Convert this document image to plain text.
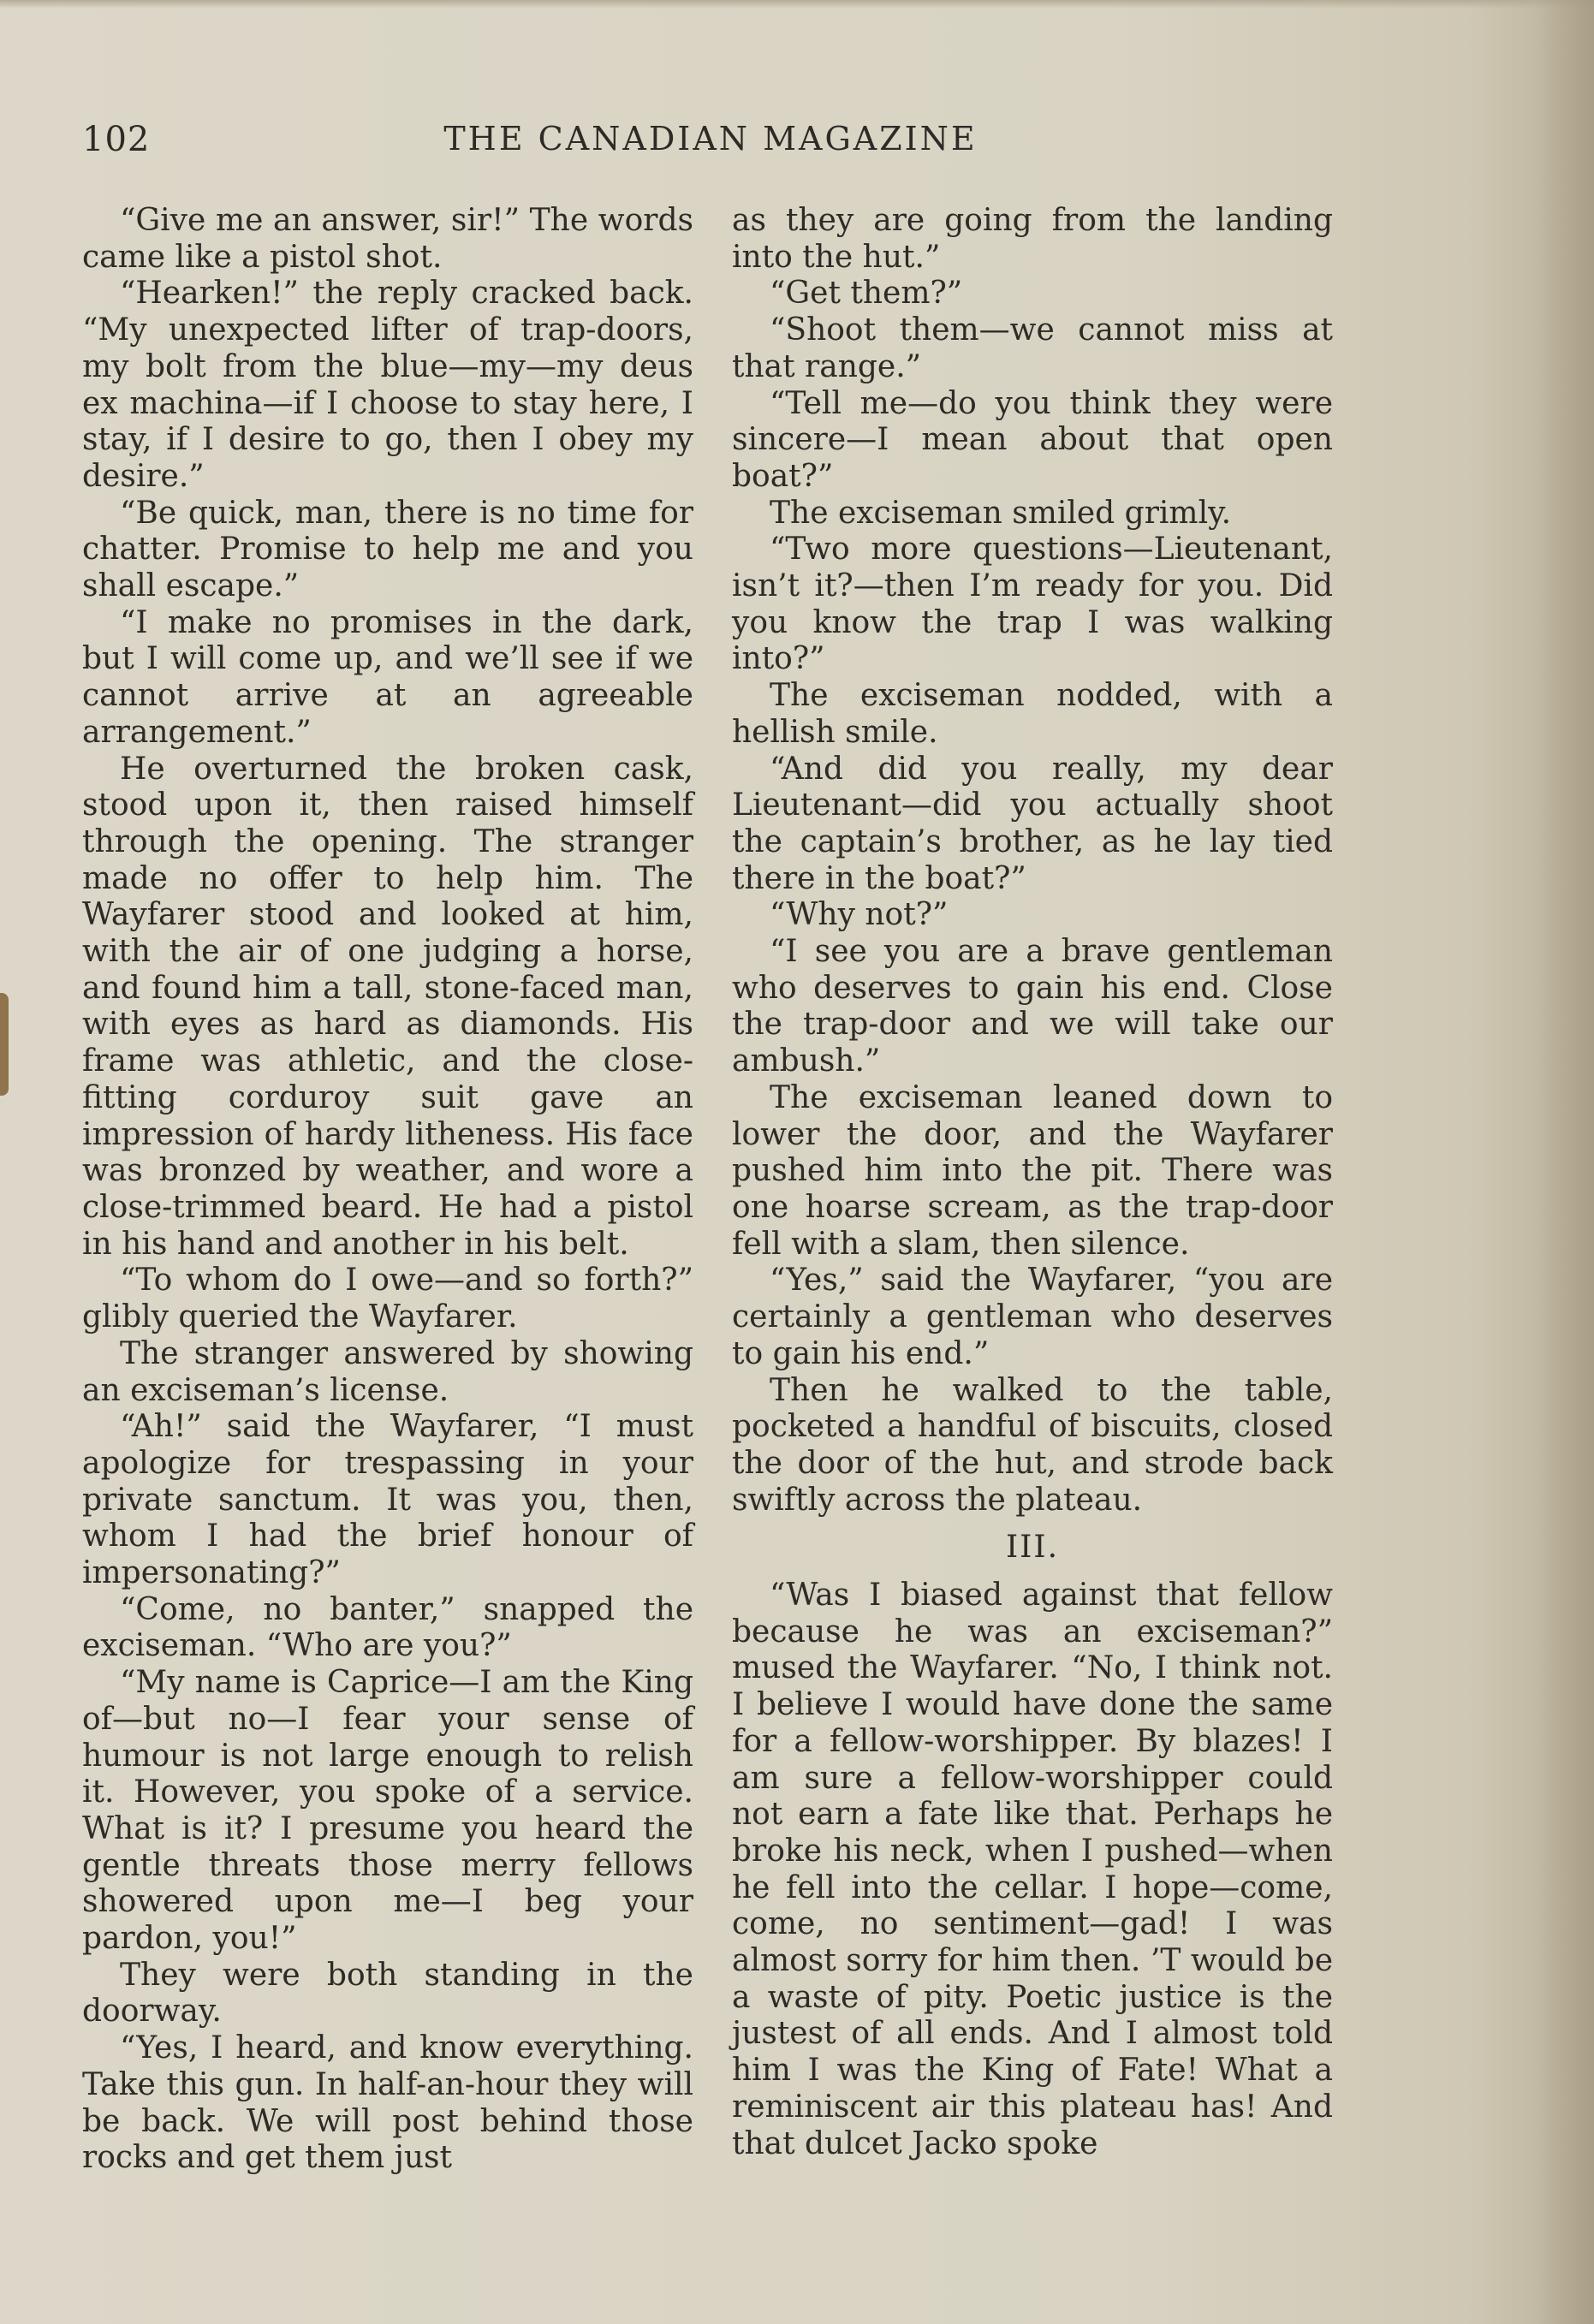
102	THE CANADIAN MAGAZINE

“Give me an answer, sir!” The words came like a pistol shot.

“Hearken!” the reply cracked back. “My unexpected lifter of trap-doors, my bolt from the blue—my—my deus ex machina—if I choose to stay here, I stay, if I desire to go, then I obey my desire.”

“Be quick, man, there is no time for chatter. Promise to help me and you shall escape.”

“I make no promises in the dark, but I will come up, and we’ll see if we cannot arrive at an agreeable arrangement.”

He overturned the broken cask, stood upon it, then raised himself through the opening. The stranger made no offer to help him. The Wayfarer stood and looked at him, with the air of one judging a horse, and found him a tall, stone-faced man, with eyes as hard as diamonds. His frame was athletic, and the close-fitting corduroy suit gave an impression of hardy litheness. His face was bronzed by weather, and wore a close-trimmed beard. He had a pistol in his hand and another in his belt.

“To whom do I owe—and so forth?” glibly queried the Wayfarer.

The stranger answered by showing an exciseman’s license.

“Ah!” said the Wayfarer, “I must apologize for trespassing in your private sanctum. It was you, then, whom I had the brief honour of impersonating?”

“Come, no banter,” snapped the exciseman. “Who are you?”

“My name is Caprice—I am the King of—but no—I fear your sense of humour is not large enough to relish it. However, you spoke of a service. What is it? I presume you heard the gentle threats those merry fellows showered upon me—I beg your pardon, you!”

They were both standing in the doorway.

“Yes, I heard, and know everything. Take this gun. In half-an-hour they will be back. We will post behind those rocks and get them just

as they are going from the landing into the hut.”

“Get them?”

“Shoot them—we cannot miss at that range.”

“Tell me—do you think they were sincere—I mean about that open boat?”

The exciseman smiled grimly.

“Two more questions—Lieutenant, isn’t it?—then I’m ready for you. Did you know the trap I was walking into?”

The exciseman nodded, with a hellish smile.

“And did you really, my dear Lieutenant—did you actually shoot the captain’s brother, as he lay tied there in the boat?”

“Why not?”

“I see you are a brave gentleman who deserves to gain his end. Close the trap-door and we will take our ambush.”

The exciseman leaned down to lower the door, and the Wayfarer pushed him into the pit. There was one hoarse scream, as the trap-door fell with a slam, then silence.

“Yes,” said the Wayfarer, “you are certainly a gentleman who deserves to gain his end.”

Then he walked to the table, pocketed a handful of biscuits, closed the door of the hut, and strode back swiftly across the plateau.

III.

“Was I biased against that fellow because he was an exciseman?” mused the Wayfarer. “No, I think not. I believe I would have done the same for a fellow-worshipper. By blazes! I am sure a fellow-worshipper could not earn a fate like that. Perhaps he broke his neck, when I pushed—when he fell into the cellar. I hope—come, come, no sentiment—gad! I was almost sorry for him then. ’T would be a waste of pity. Poetic justice is the justest of all ends. And I almost told him I was the King of Fate! What a reminiscent air this plateau has! And that dulcet Jacko spoke
